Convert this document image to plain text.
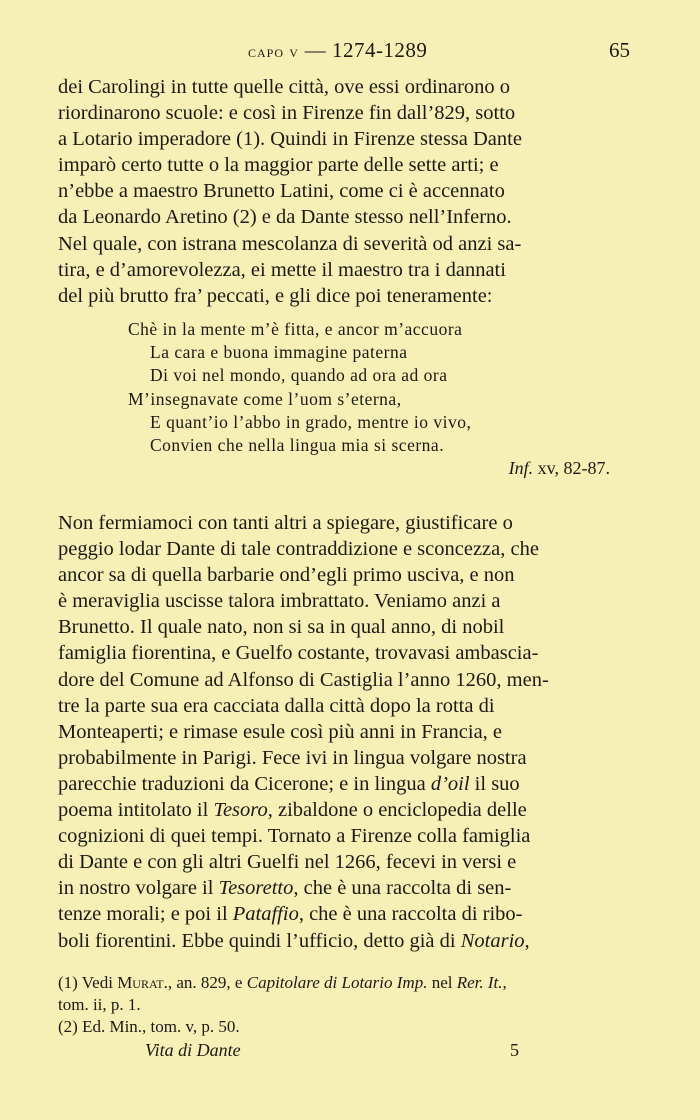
capo v — 1274-1289	65

dei Carolingi in tutte quelle città, ove essi ordinarono o

riordinarono scuole: e così in Firenze fin dall’829, sotto

a Lotario imperadore (1). Quindi in Firenze stessa Dante

imparò certo tutte o la maggior parte delle sette arti; e

n’ebbe a maestro Brunetto Latini, come ci è accennato

da Leonardo Aretino (2) e da Dante stesso nell’Inferno.

Nel quale, con istrana mescolanza di severità od anzi sa-

tira, e d’amorevolezza, ei mette il maestro tra i dannati

del più brutto fra’ peccati, e gli dice poi teneramente:

Chè in la mente m’è fitta, e ancor m’accuora
La cara e buona immagine paterna
Di voi nel mondo, quando ad ora ad ora
M’insegnavate come l’uom s’eterna,
E quant’io l’abbo in grado, mentre io vivo,
Convien che nella lingua mia si scerna.
Inf. xv, 82-87.

Non fermiamoci con tanti altri a spiegare, giustificare o

peggio lodar Dante di tale contraddizione e sconcezza, che

ancor sa di quella barbarie ond’egli primo usciva, e non

è meraviglia uscisse talora imbrattato. Veniamo anzi a

Brunetto. Il quale nato, non si sa in qual anno, di nobil

famiglia fiorentina, e Guelfo costante, trovavasi ambascia-

dore del Comune ad Alfonso di Castiglia l’anno 1260, men-

tre la parte sua era cacciata dalla città dopo la rotta di

Monteaperti; e rimase esule così più anni in Francia, e

probabilmente in Parigi. Fece ivi in lingua volgare nostra

parecchie traduzioni da Cicerone; e in lingua d’oil il suo

poema intitolato il Tesoro, zibaldone o enciclopedia delle

cognizioni di quei tempi. Tornato a Firenze colla famiglia

di Dante e con gli altri Guelfi nel 1266, fecevi in versi e

in nostro volgare il Tesoretto, che è una raccolta di sen-

tenze morali; e poi il Pataffio, che è una raccolta di ribo-

boli fiorentini. Ebbe quindi l’ufficio, detto già di Notario,

(1) Vedi Murat., an. 829, e Capitolare di Lotario Imp. nel Rer. It.,

tom. ii, p. 1.

(2) Ed. Min., tom. v, p. 50.

Vita di Dante	5
